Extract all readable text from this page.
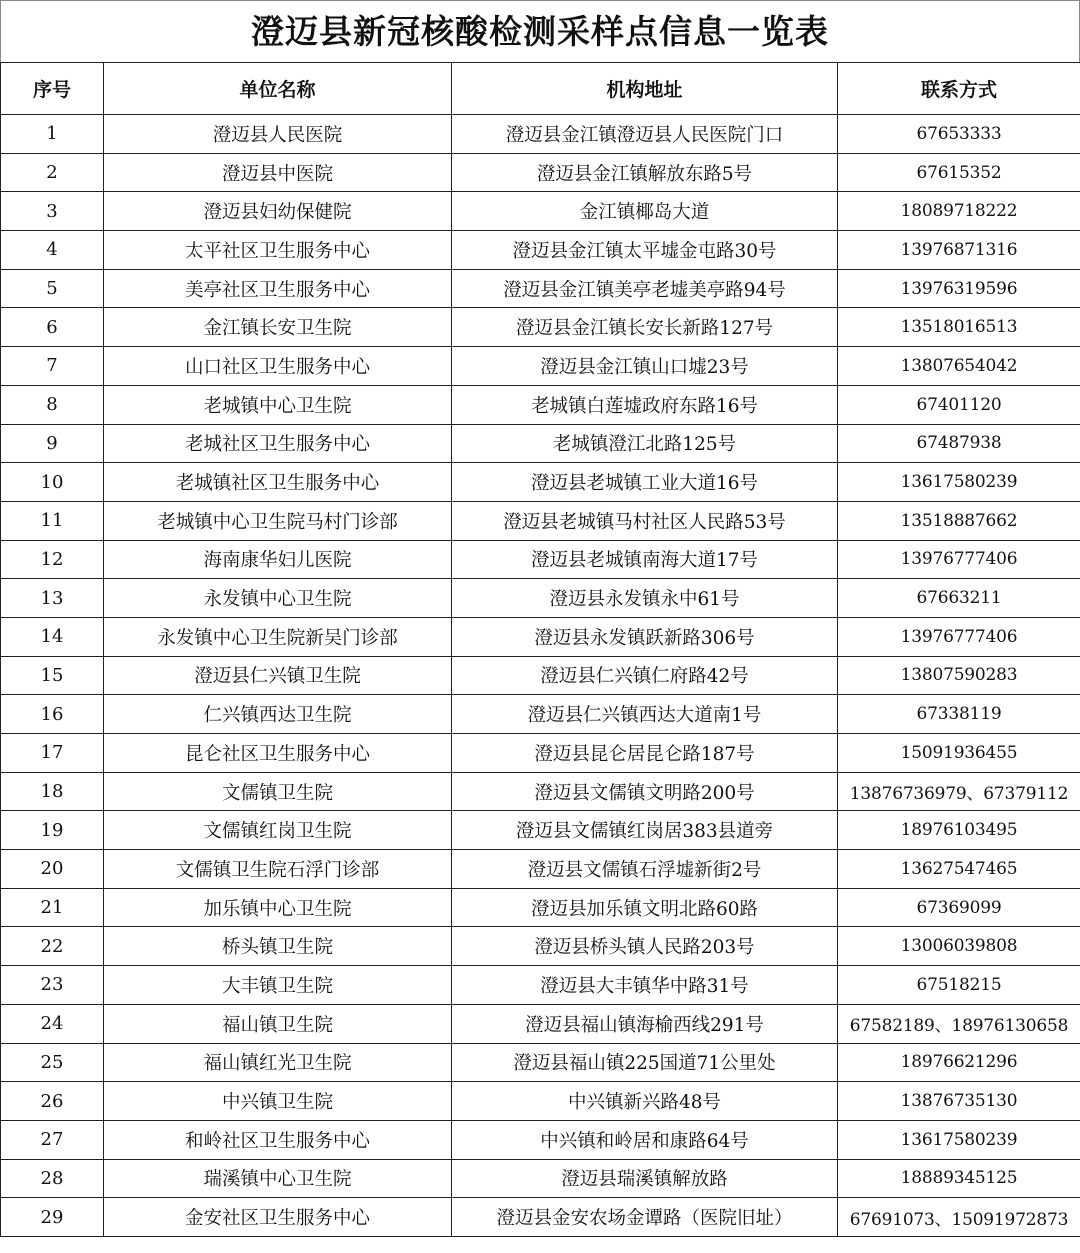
澄迈县新冠核酸检测采样点信息一览表
序号	单位名称	机构地址	联系方式
1	澄迈县人民医院	澄迈县金江镇澄迈县人民医院门口	67653333
2	澄迈县中医院	澄迈县金江镇解放东路5号	67615352
3	澄迈县妇幼保健院	金江镇椰岛大道	18089718222
4	太平社区卫生服务中心	澄迈县金江镇太平墟金屯路30号	13976871316
5	美亭社区卫生服务中心	澄迈县金江镇美亭老墟美亭路94号	13976319596
6	金江镇长安卫生院	澄迈县金江镇长安长新路127号	13518016513
7	山口社区卫生服务中心	澄迈县金江镇山口墟23号	13807654042
8	老城镇中心卫生院	老城镇白莲墟政府东路16号	67401120
9	老城社区卫生服务中心	老城镇澄江北路125号	67487938
10	老城镇社区卫生服务中心	澄迈县老城镇工业大道16号	13617580239
11	老城镇中心卫生院马村门诊部	澄迈县老城镇马村社区人民路53号	13518887662
12	海南康华妇儿医院	澄迈县老城镇南海大道17号	13976777406
13	永发镇中心卫生院	澄迈县永发镇永中61号	67663211
14	永发镇中心卫生院新吴门诊部	澄迈县永发镇跃新路306号	13976777406
15	澄迈县仁兴镇卫生院	澄迈县仁兴镇仁府路42号	13807590283
16	仁兴镇西达卫生院	澄迈县仁兴镇西达大道南1号	67338119
17	昆仑社区卫生服务中心	澄迈县昆仑居昆仑路187号	15091936455
18	文儒镇卫生院	澄迈县文儒镇文明路200号	13876736979、67379112
19	文儒镇红岗卫生院	澄迈县文儒镇红岗居383县道旁	18976103495
20	文儒镇卫生院石浮门诊部	澄迈县文儒镇石浮墟新街2号	13627547465
21	加乐镇中心卫生院	澄迈县加乐镇文明北路60路	67369099
22	桥头镇卫生院	澄迈县桥头镇人民路203号	13006039808
23	大丰镇卫生院	澄迈县大丰镇华中路31号	67518215
24	福山镇卫生院	澄迈县福山镇海榆西线291号	67582189、18976130658
25	福山镇红光卫生院	澄迈县福山镇225国道71公里处	18976621296
26	中兴镇卫生院	中兴镇新兴路48号	13876735130
27	和岭社区卫生服务中心	中兴镇和岭居和康路64号	13617580239
28	瑞溪镇中心卫生院	澄迈县瑞溪镇解放路	18889345125
29	金安社区卫生服务中心	澄迈县金安农场金谭路（医院旧址）	67691073、15091972873
